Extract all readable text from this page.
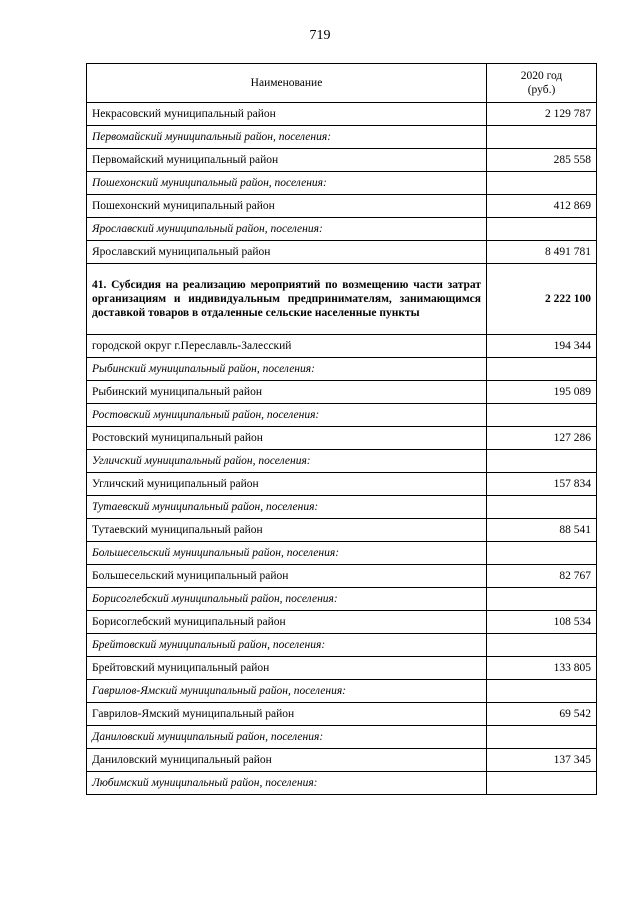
719
Наименование	2020 год
(руб.)
Некрасовский муниципальный район	2 129 787
Первомайский муниципальный район, поселения:	
Первомайский муниципальный район	285 558
Пошехонский муниципальный район, поселения:	
Пошехонский муниципальный район	412 869
Ярославский муниципальный район, поселения:	
Ярославский муниципальный район	8 491 781
41. Субсидия на реализацию мероприятий по возмещению части затрат организациям и индивидуальным предпринимателям, занимающимся доставкой товаров в отдаленные сельские населенные пункты	2 222 100
городской округ г.Переславль-Залесский	194 344
Рыбинский муниципальный район, поселения:	
Рыбинский муниципальный район	195 089
Ростовский муниципальный район, поселения:	
Ростовский муниципальный район	127 286
Угличский муниципальный район, поселения:	
Угличский муниципальный район	157 834
Тутаевский муниципальный район, поселения:	
Тутаевский муниципальный район	88 541
Большесельский муниципальный район, поселения:	
Большесельский муниципальный район	82 767
Борисоглебский муниципальный район, поселения:	
Борисоглебский муниципальный район	108 534
Брейтовский муниципальный район, поселения:	
Брейтовский муниципальный район	133 805
Гаврилов-Ямский муниципальный район, поселения:	
Гаврилов-Ямский муниципальный район	69 542
Даниловский муниципальный район, поселения:	
Даниловский муниципальный район	137 345
Любимский муниципальный район, поселения:	
